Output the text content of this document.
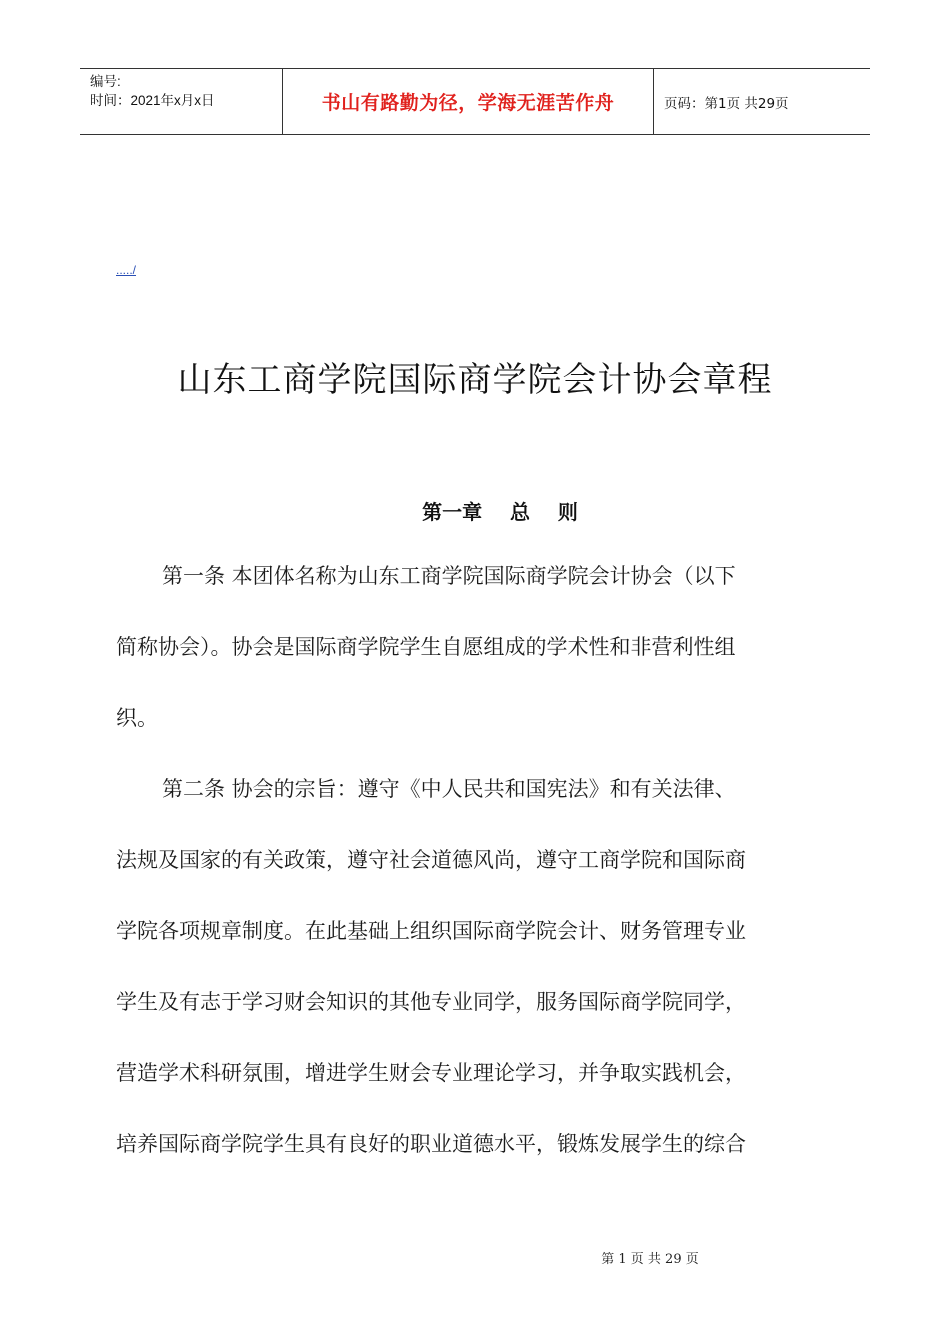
编号:
时间：2021年x月x日	书山有路勤为径，学海无涯苦作舟	页码：第1页 共29页
...../
山东工商学院国际商学院会计协会章程
第一章    总    则
第一条 本团体名称为山东工商学院国际商学院会计协会（以下
简称协会）。协会是国际商学院学生自愿组成的学术性和非营利性组
织。
第二条 协会的宗旨：遵守《中人民共和国宪法》和有关法律、
法规及国家的有关政策，遵守社会道德风尚，遵守工商学院和国际商
学院各项规章制度。在此基础上组织国际商学院会计、财务管理专业
学生及有志于学习财会知识的其他专业同学，服务国际商学院同学，
营造学术科研氛围，增进学生财会专业理论学习，并争取实践机会，
培养国际商学院学生具有良好的职业道德水平，锻炼发展学生的综合
第 1 页 共 29 页
